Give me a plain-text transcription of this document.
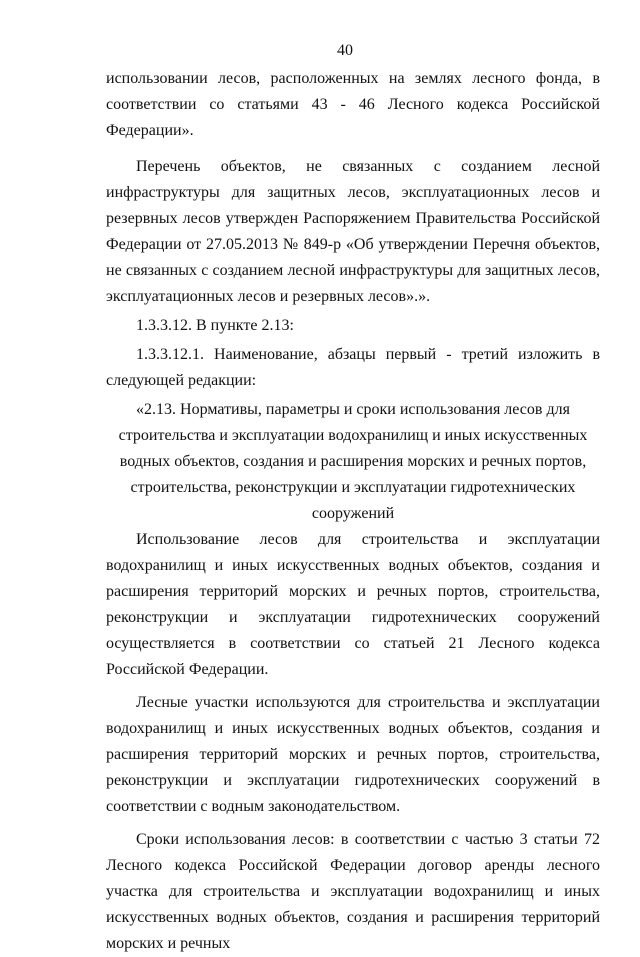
40

использовании лесов, расположенных на землях лесного фонда, в соответствии со статьями 43 - 46 Лесного кодекса Российской Федерации».

Перечень объектов, не связанных с созданием лесной инфраструктуры для защитных лесов, эксплуатационных лесов и резервных лесов утвержден Распоряжением Правительства Российской Федерации от 27.05.2013 № 849-р «Об утверждении Перечня объектов, не связанных с созданием лесной инфраструктуры для защитных лесов, эксплуатационных лесов и резервных лесов».».

1.3.3.12. В пункте 2.13:

1.3.3.12.1. Наименование, абзацы первый - третий изложить в следующей редакции:

«2.13. Нормативы, параметры и сроки использования лесов для строительства и эксплуатации водохранилищ и иных искусственных водных объектов, создания и расширения морских и речных портов, строительства, реконструкции и эксплуатации гидротехнических сооружений

Использование лесов для строительства и эксплуатации водохранилищ и иных искусственных водных объектов, создания и расширения территорий морских и речных портов, строительства, реконструкции и эксплуатации гидротехнических сооружений осуществляется в соответствии со статьей 21 Лесного кодекса Российской Федерации.

Лесные участки используются для строительства и эксплуатации водохранилищ и иных искусственных водных объектов, создания и расширения территорий морских и речных портов, строительства, реконструкции и эксплуатации гидротехнических сооружений в соответствии с водным законодательством.

Сроки использования лесов: в соответствии с частью 3 статьи 72 Лесного кодекса Российской Федерации договор аренды лесного участка для строительства и эксплуатации водохранилищ и иных искусственных водных объектов, создания и расширения территорий морских и речных
